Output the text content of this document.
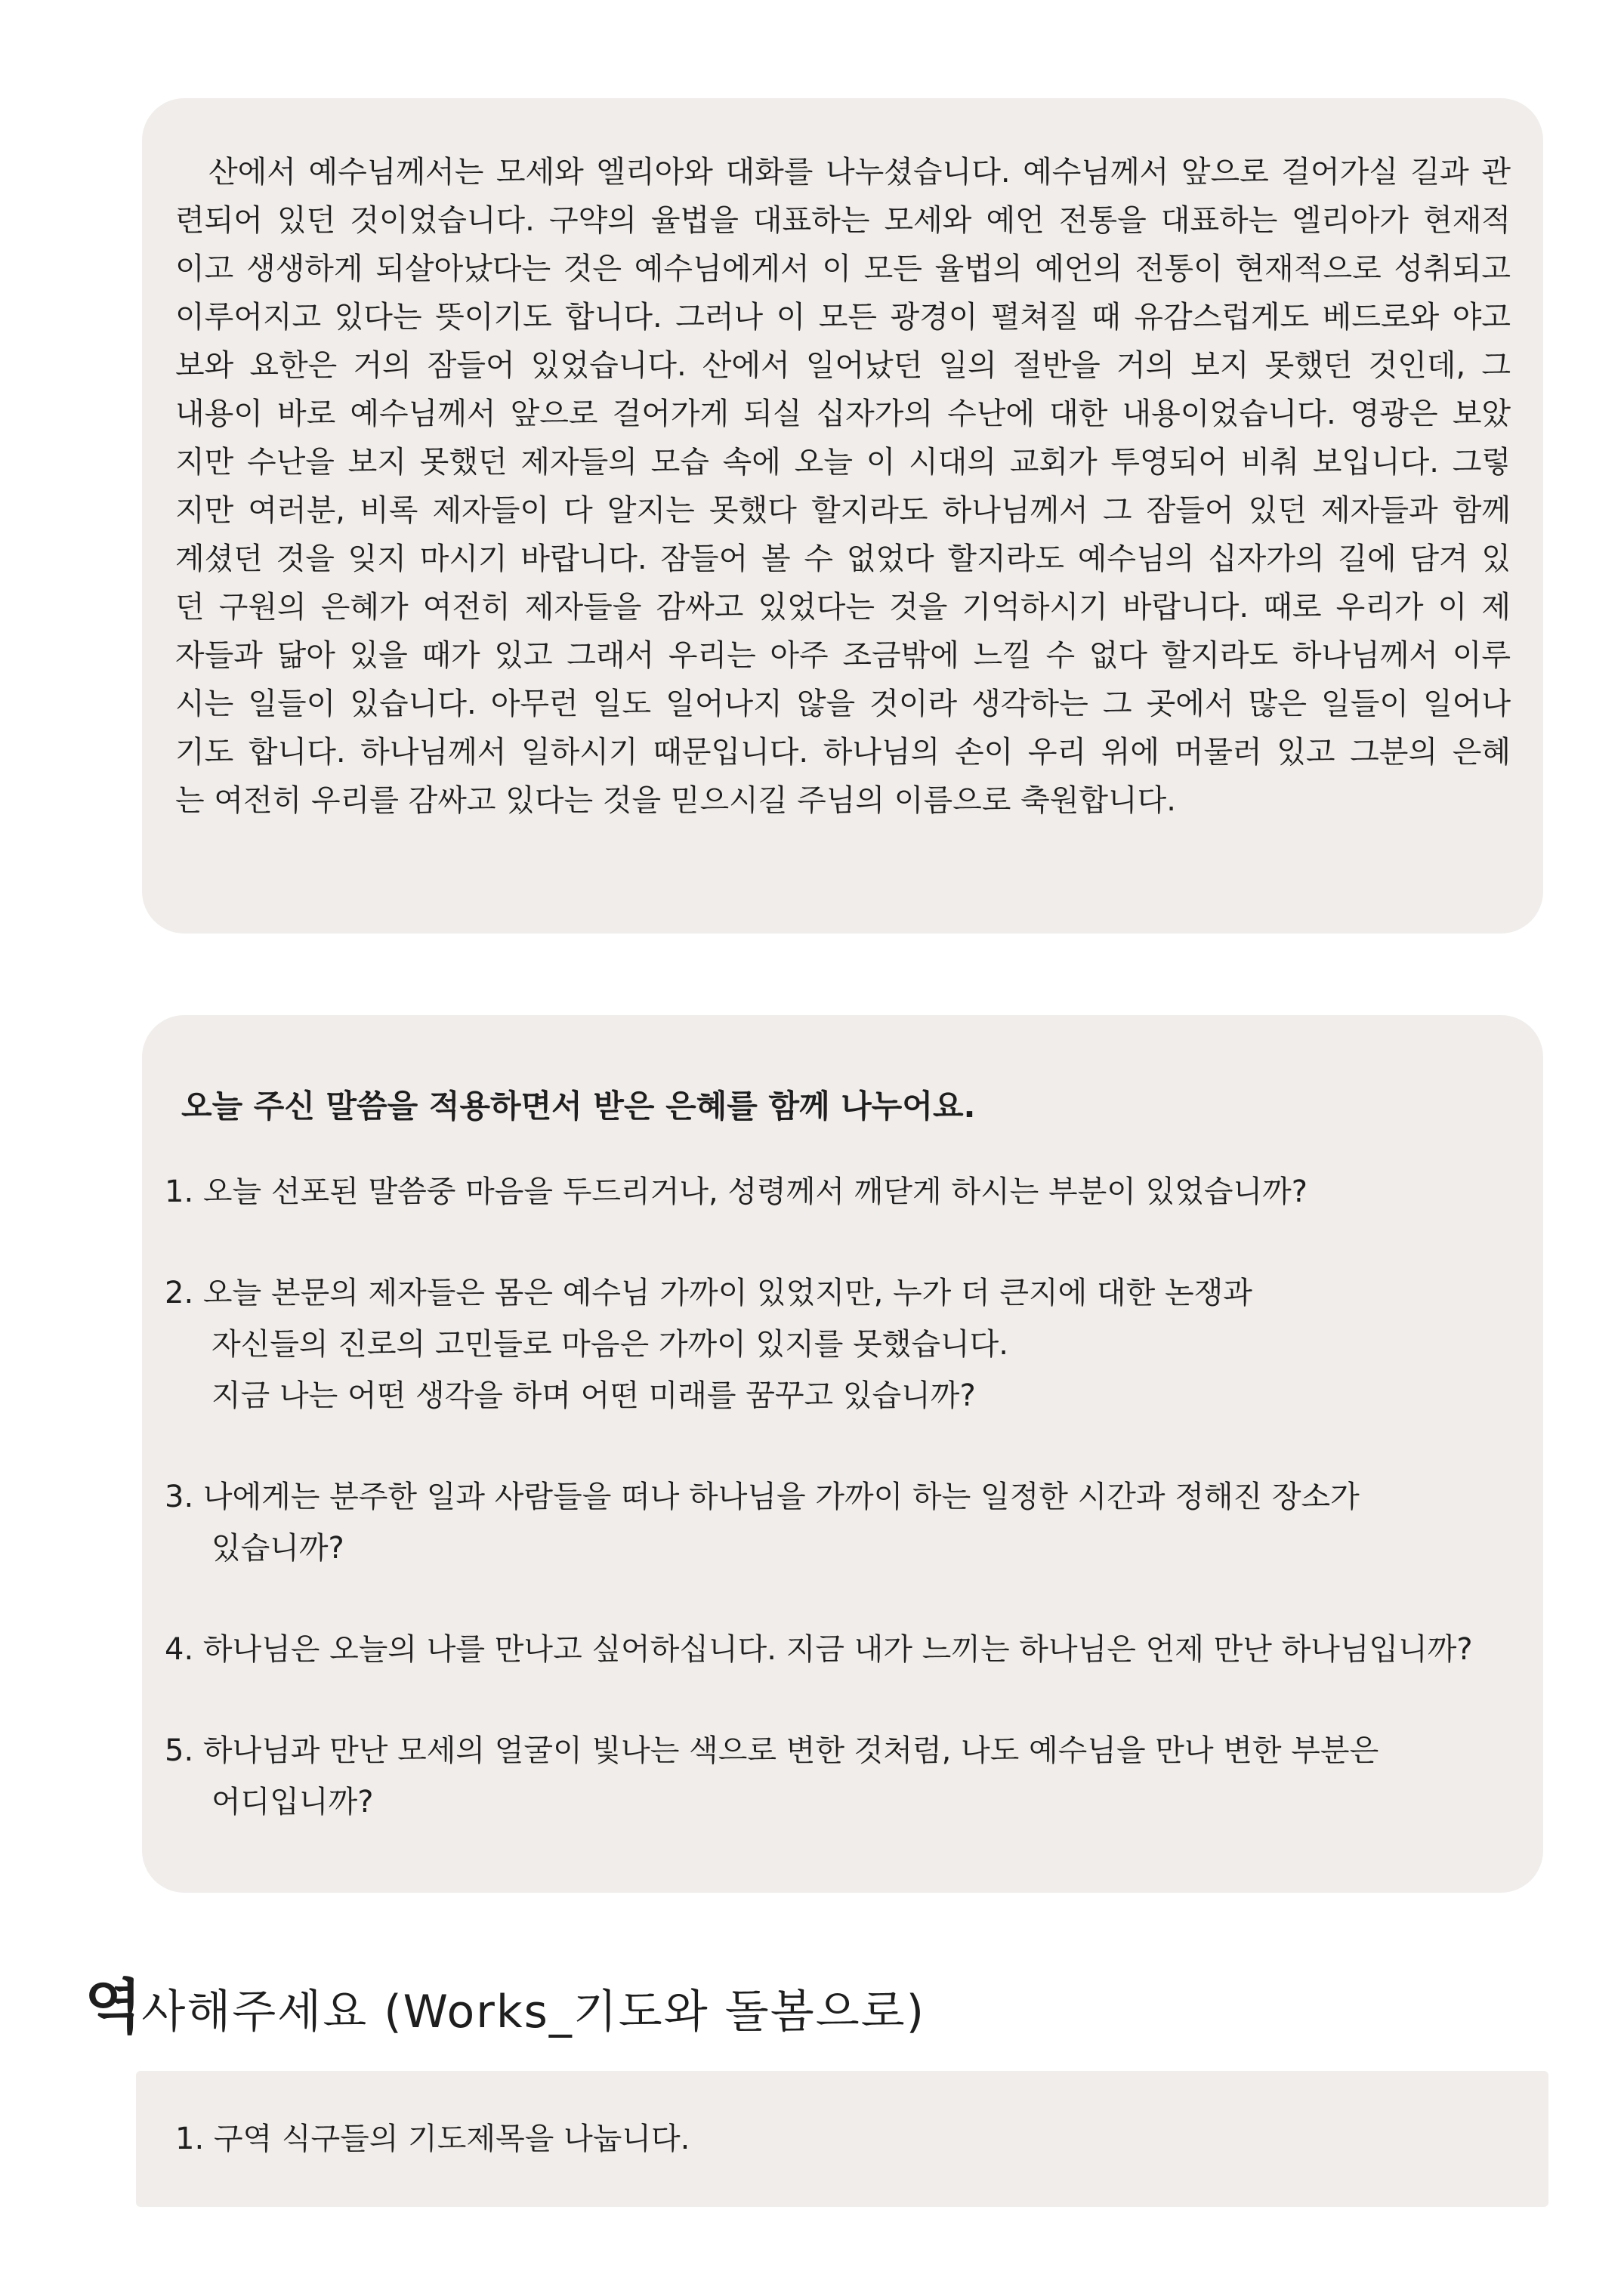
산에서 예수님께서는 모세와 엘리아와 대화를 나누셨습니다. 예수님께서 앞으로 걸어가실 길과 관

련되어 있던 것이었습니다. 구약의 율법을 대표하는 모세와 예언 전통을 대표하는 엘리아가 현재적

이고 생생하게 되살아났다는 것은 예수님에게서 이 모든 율법의 예언의 전통이 현재적으로 성취되고

이루어지고 있다는 뜻이기도 합니다. 그러나 이 모든 광경이 펼쳐질 때 유감스럽게도 베드로와 야고

보와 요한은 거의 잠들어 있었습니다. 산에서 일어났던 일의 절반을 거의 보지 못했던 것인데, 그

내용이 바로 예수님께서 앞으로 걸어가게 되실 십자가의 수난에 대한 내용이었습니다. 영광은 보았

지만 수난을 보지 못했던 제자들의 모습 속에 오늘 이 시대의 교회가 투영되어 비춰 보입니다. 그렇

지만 여러분, 비록 제자들이 다 알지는 못했다 할지라도 하나님께서 그 잠들어 있던 제자들과 함께

계셨던 것을 잊지 마시기 바랍니다. 잠들어 볼 수 없었다 할지라도 예수님의 십자가의 길에 담겨 있

던 구원의 은혜가 여전히 제자들을 감싸고 있었다는 것을 기억하시기 바랍니다. 때로 우리가 이 제

자들과 닮아 있을 때가 있고 그래서 우리는 아주 조금밖에 느낄 수 없다 할지라도 하나님께서 이루

시는 일들이 있습니다. 아무런 일도 일어나지 않을 것이라 생각하는 그 곳에서 많은 일들이 일어나

기도 합니다. 하나님께서 일하시기 때문입니다. 하나님의 손이 우리 위에 머물러 있고 그분의 은혜

는 여전히 우리를 감싸고 있다는 것을 믿으시길 주님의 이름으로 축원합니다.

오늘 주신 말씀을 적용하면서 받은 은혜를 함께 나누어요.

1. 오늘 선포된 말씀중 마음을 두드리거나, 성령께서 깨닫게 하시는 부분이 있었습니까?

2. 오늘 본문의 제자들은 몸은 예수님 가까이 있었지만, 누가 더 큰지에 대한 논쟁과

자신들의 진로의 고민들로 마음은 가까이 있지를 못했습니다.

지금 나는 어떤 생각을 하며 어떤 미래를 꿈꾸고 있습니까?

3. 나에게는 분주한 일과 사람들을 떠나 하나님을 가까이 하는 일정한 시간과 정해진 장소가

있습니까?

4. 하나님은 오늘의 나를 만나고 싶어하십니다. 지금 내가 느끼는 하나님은 언제 만난 하나님입니까?

5. 하나님과 만난 모세의 얼굴이 빛나는 색으로 변한 것처럼, 나도 예수님을 만나 변한 부분은

어디입니까?

역사해주세요 (Works_기도와 돌봄으로)

1. 구역 식구들의 기도제목을 나눕니다.
